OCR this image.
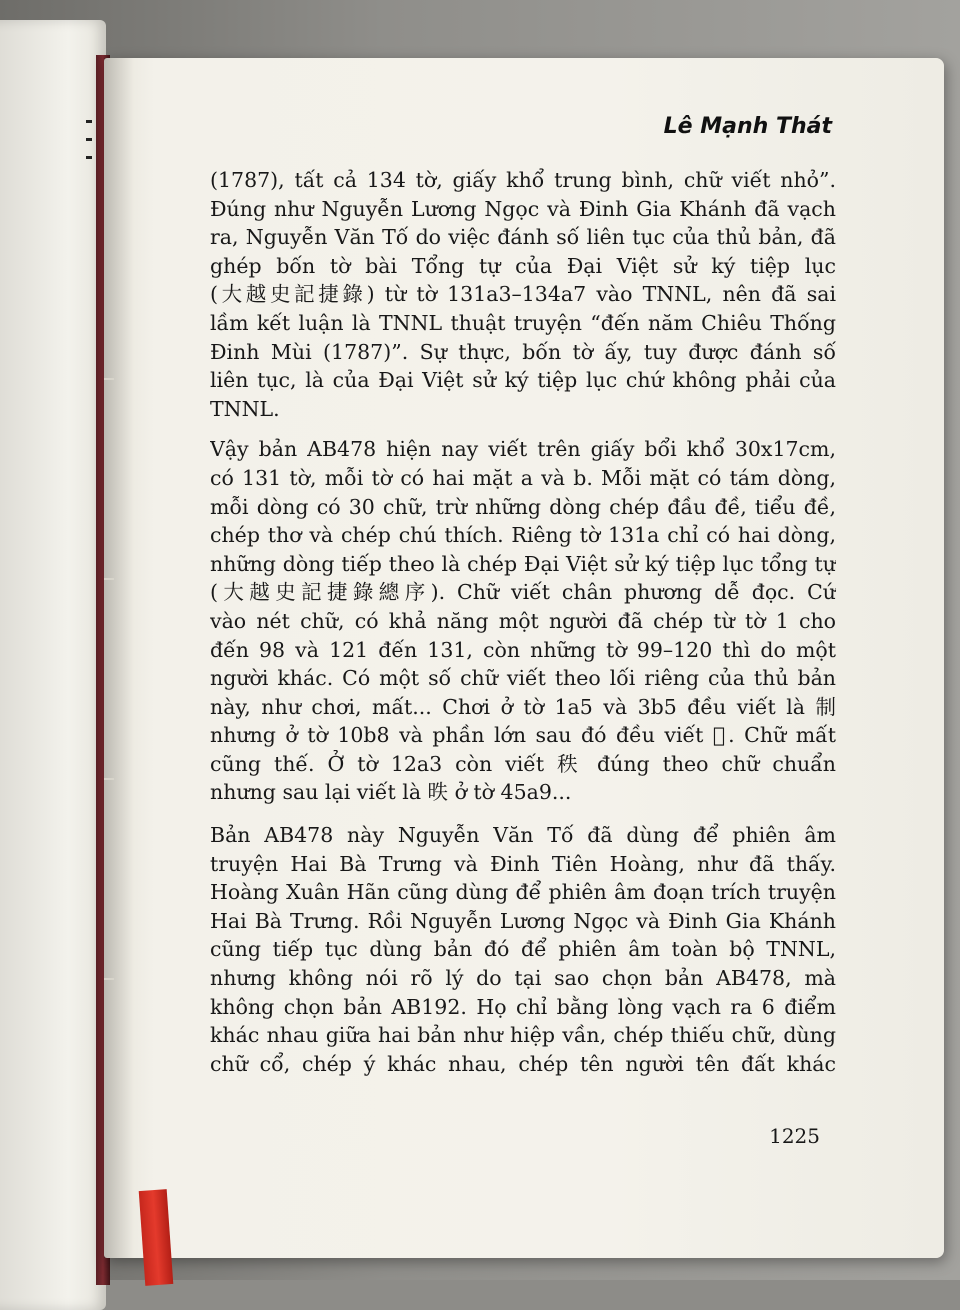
Lê Mạnh Thát
(1787), tất cả 134 tờ, giấy khổ trung bình, chữ viết nhỏ”.
Đúng như Nguyễn Lương Ngọc và Đinh Gia Khánh đã vạch
ra, Nguyễn Văn Tố do việc đánh số liên tục của thủ bản, đã
ghép bốn tờ bài Tổng tự của Đại Việt sử ký tiệp lục
(大越史記捷錄) từ tờ 131a3–134a7 vào TNNL, nên đã sai
lầm kết luận là TNNL thuật truyện “đến năm Chiêu Thống
Đinh Mùi (1787)”. Sự thực, bốn tờ ấy, tuy được đánh số
liên tục, là của Đại Việt sử ký tiệp lục chứ không phải của
TNNL.
Vậy bản AB478 hiện nay viết trên giấy bổi khổ 30x17cm,
có 131 tờ, mỗi tờ có hai mặt a và b. Mỗi mặt có tám dòng,
mỗi dòng có 30 chữ, trừ những dòng chép đầu đề, tiểu đề,
chép thơ và chép chú thích. Riêng tờ 131a chỉ có hai dòng,
những dòng tiếp theo là chép Đại Việt sử ký tiệp lục tổng tự
(大越史記捷錄總序). Chữ viết chân phương dễ đọc. Cứ
vào nét chữ, có khả năng một người đã chép từ tờ 1 cho
đến 98 và 121 đến 131, còn những tờ 99–120 thì do một
người khác. Có một số chữ viết theo lối riêng của thủ bản
này, như chơi, mất... Chơi ở tờ 1a5 và 3b5 đều viết là 制
nhưng ở tờ 10b8 và phần lớn sau đó đều viết 𪜀. Chữ mất
cũng thế. Ở tờ 12a3 còn viết 秩 đúng theo chữ chuẩn
nhưng sau lại viết là 昳 ở tờ 45a9...
Bản AB478 này Nguyễn Văn Tố đã dùng để phiên âm
truyện Hai Bà Trưng và Đinh Tiên Hoàng, như đã thấy.
Hoàng Xuân Hãn cũng dùng để phiên âm đoạn trích truyện
Hai Bà Trưng. Rồi Nguyễn Lương Ngọc và Đinh Gia Khánh
cũng tiếp tục dùng bản đó để phiên âm toàn bộ TNNL,
nhưng không nói rõ lý do tại sao chọn bản AB478, mà
không chọn bản AB192. Họ chỉ bằng lòng vạch ra 6 điểm
khác nhau giữa hai bản như hiệp vần, chép thiếu chữ, dùng
chữ cổ, chép ý khác nhau, chép tên người tên đất khác
1225
